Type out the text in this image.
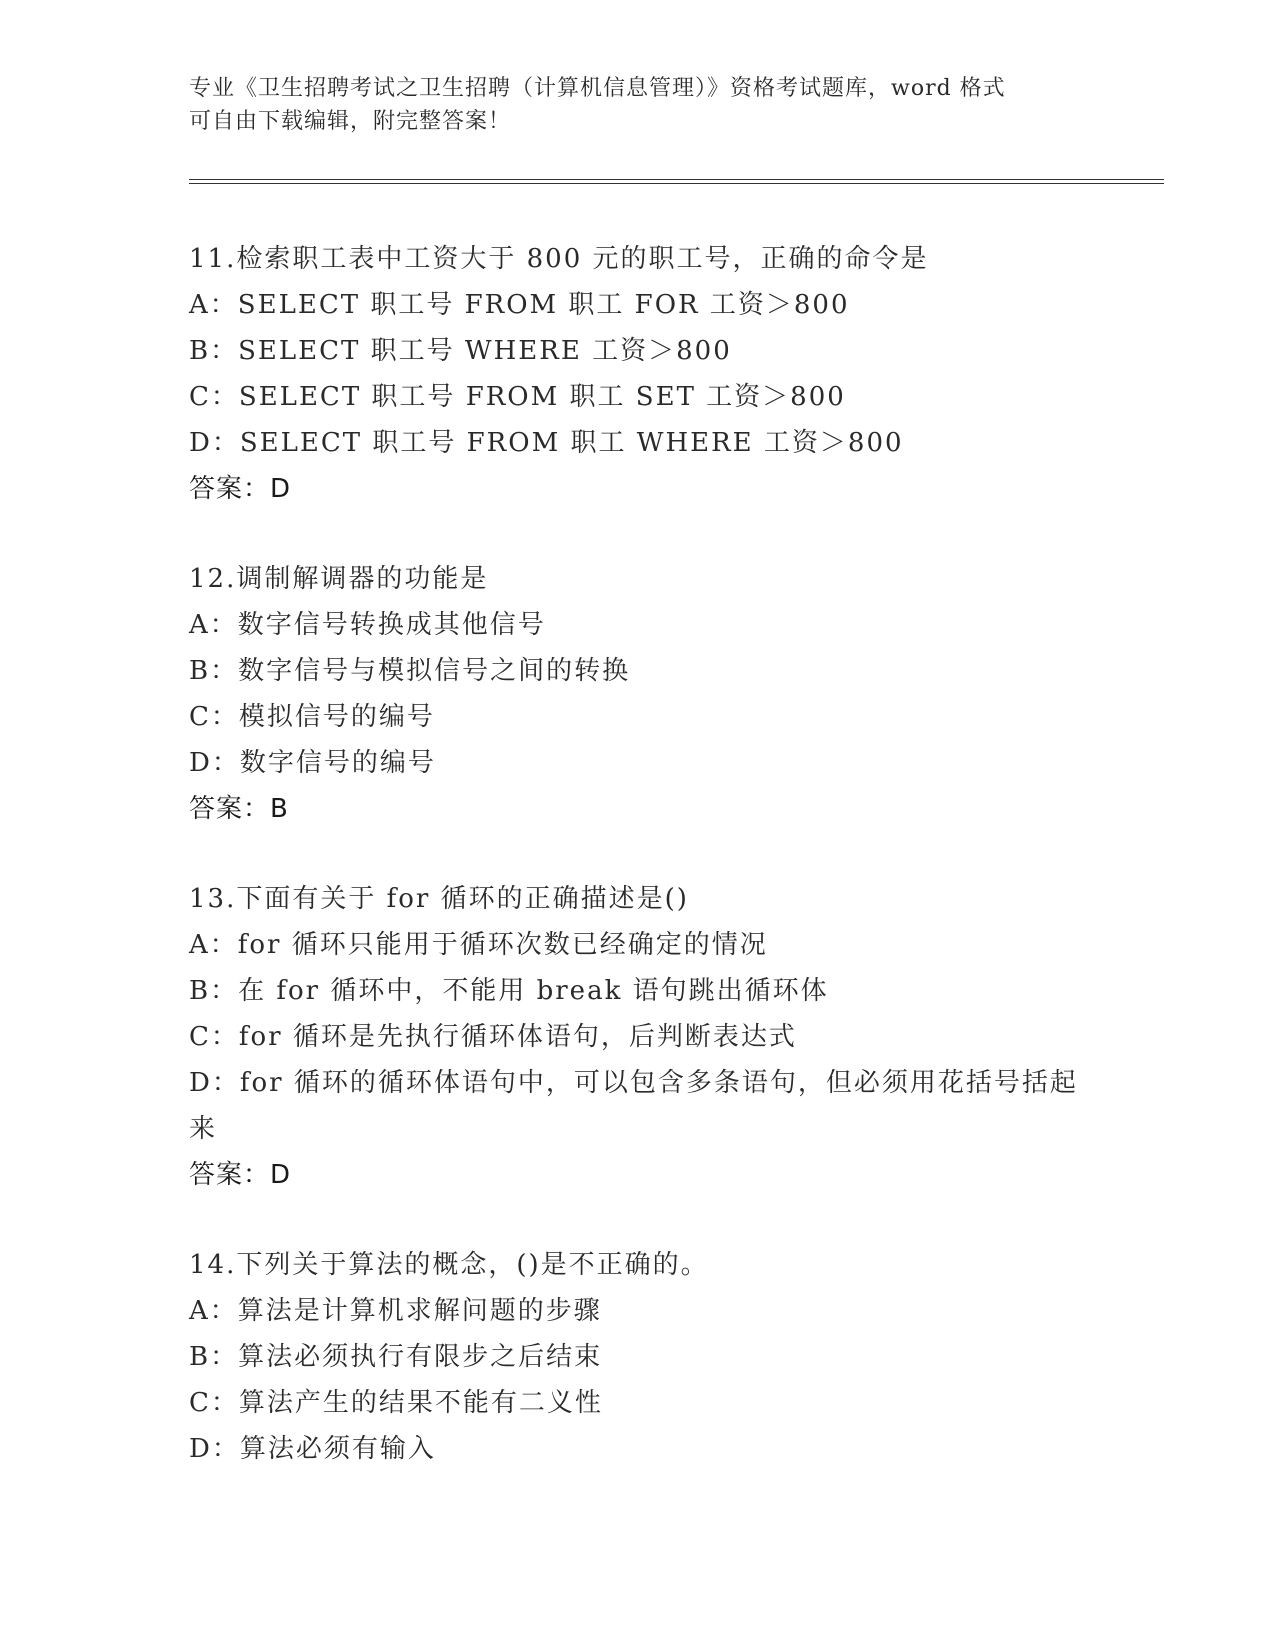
专业《卫生招聘考试之卫生招聘（计算机信息管理）》资格考试题库，word 格式
可自由下载编辑，附完整答案！
11.检索职工表中工资大于 800 元的职工号，正确的命令是
A：SELECT 职工号 FROM 职工 FOR 工资＞800
B：SELECT 职工号 WHERE 工资＞800
C：SELECT 职工号 FROM 职工 SET 工资＞800
D：SELECT 职工号 FROM 职工 WHERE 工资＞800
答案：D
12.调制解调器的功能是
A：数字信号转换成其他信号
B：数字信号与模拟信号之间的转换
C：模拟信号的编号
D：数字信号的编号
答案：B
13.下面有关于 for 循环的正确描述是()
A：for 循环只能用于循环次数已经确定的情况
B：在 for 循环中，不能用 break 语句跳出循环体
C：for 循环是先执行循环体语句，后判断表达式
D：for 循环的循环体语句中，可以包含多条语句，但必须用花括号括起来
答案：D
14.下列关于算法的概念，()是不正确的。
A：算法是计算机求解问题的步骤
B：算法必须执行有限步之后结束
C：算法产生的结果不能有二义性
D：算法必须有输入
